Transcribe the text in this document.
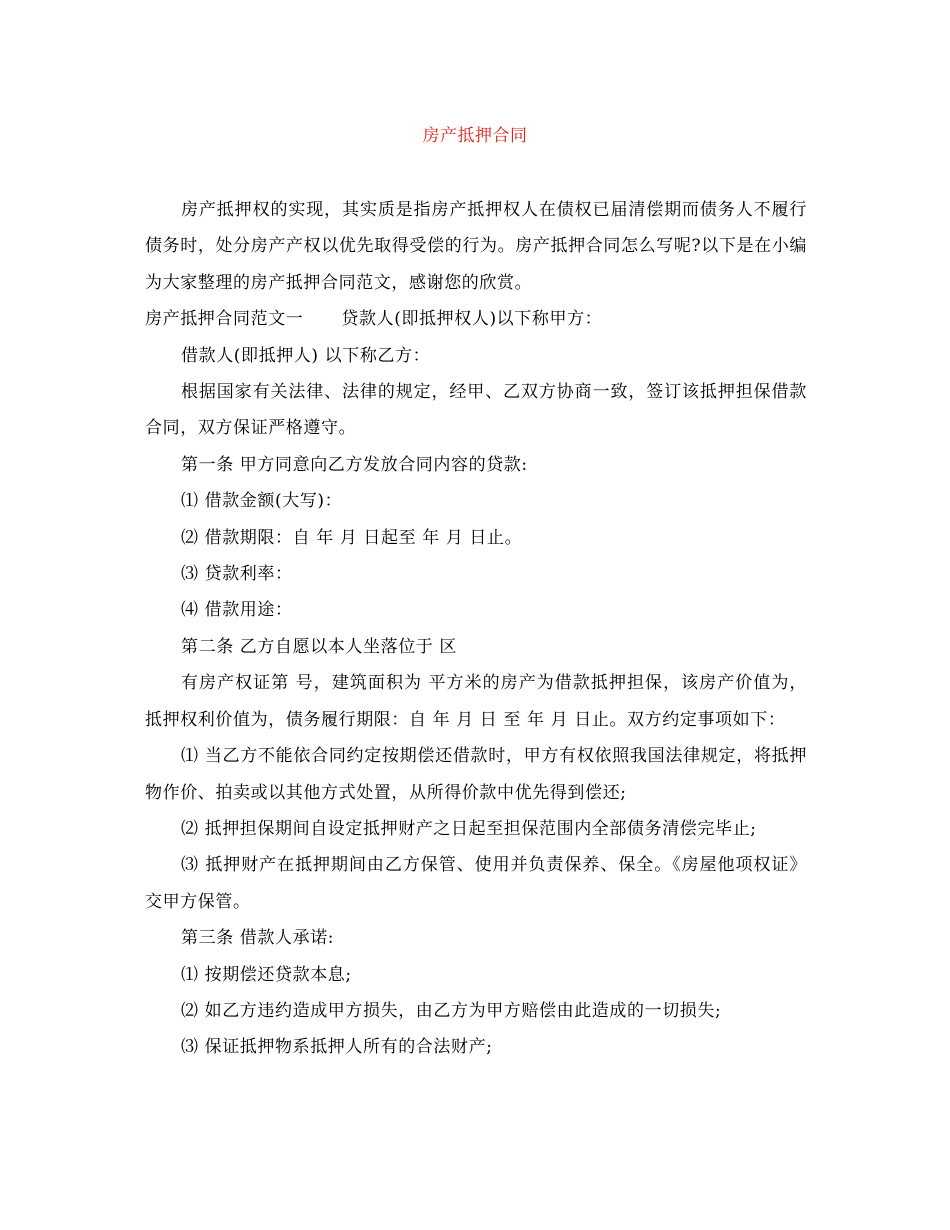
房产抵押合同

房产抵押权的实现，其实质是指房产抵押权人在债权已届清偿期而债务人不履行债务时，处分房产产权以优先取得受偿的行为。房产抵押合同怎么写呢?以下是在小编为大家整理的房产抵押合同范文，感谢您的欣赏。

房产抵押合同范文一 贷款人(即抵押权人)以下称甲方：

借款人(即抵押人) 以下称乙方：

根据国家有关法律、法律的规定，经甲、乙双方协商一致，签订该抵押担保借款合同，双方保证严格遵守。

第一条 甲方同意向乙方发放合同内容的贷款:

⑴ 借款金额(大写)：

⑵ 借款期限：自 年 月 日起至 年 月 日止。

⑶ 贷款利率：

⑷ 借款用途：

第二条 乙方自愿以本人坐落位于 区

有房产权证第 号，建筑面积为 平方米的房产为借款抵押担保，该房产价值为，抵押权利价值为，债务履行期限：自 年 月 日 至 年 月 日止。双方约定事项如下：

⑴ 当乙方不能依合同约定按期偿还借款时，甲方有权依照我国法律规定，将抵押物作价、拍卖或以其他方式处置，从所得价款中优先得到偿还;

⑵ 抵押担保期间自设定抵押财产之日起至担保范围内全部债务清偿完毕止;

⑶ 抵押财产在抵押期间由乙方保管、使用并负责保养、保全。《房屋他项权证》交甲方保管。

第三条 借款人承诺:

⑴ 按期偿还贷款本息;

⑵ 如乙方违约造成甲方损失，由乙方为甲方赔偿由此造成的一切损失;

⑶ 保证抵押物系抵押人所有的合法财产;
